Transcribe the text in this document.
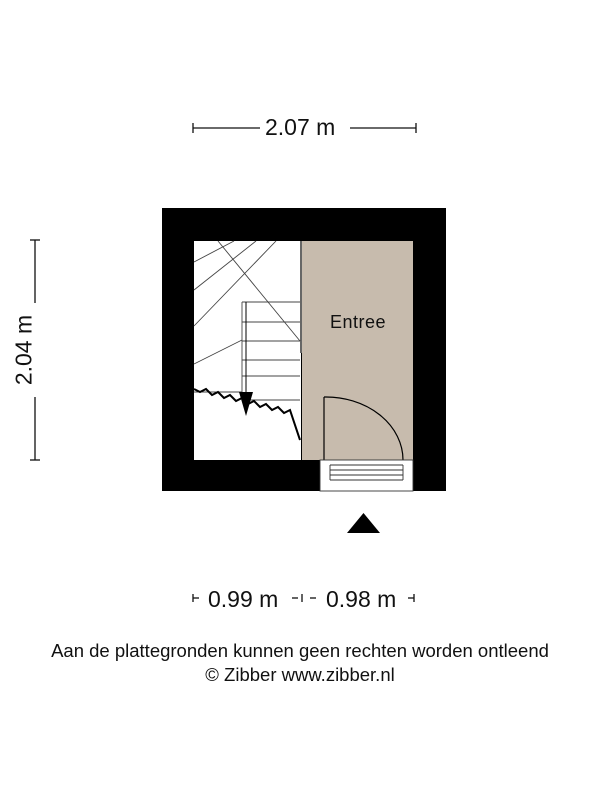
2.07 m
2.04 m
0.99 m 0.98 m
Entree
Aan de plattegronden kunnen geen rechten worden ontleend
© Zibber www.zibber.nl
